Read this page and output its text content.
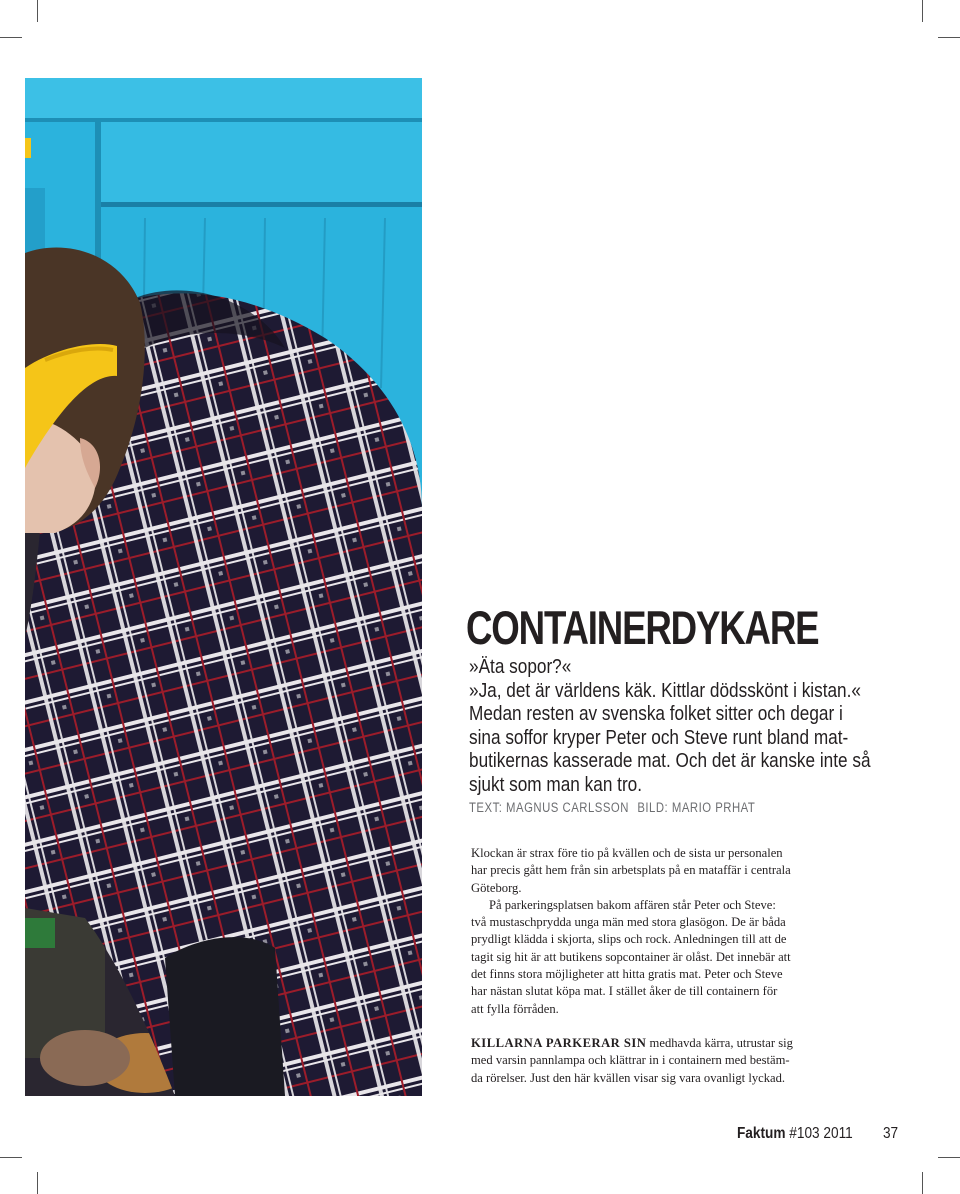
CONTAINERDYKARE

»Äta sopor?«

»Ja, det är världens käk. Kittlar dödsskönt i kistan.«

Medan resten av svenska folket sitter och degar i

sina soffor kryper Peter och Steve runt bland mat-

butikernas kasserade mat. Och det är kanske inte så

sjukt som man kan tro.

TEXT: MAGNUS CARLSSON BILD: MARIO PRHAT

Klockan är strax före tio på kvällen och de sista ur personalen

har precis gått hem från sin arbetsplats på en mataffär i centrala

Göteborg.

På parkeringsplatsen bakom affären står Peter och Steve:

två mustaschprydda unga män med stora glasögon. De är båda

prydligt klädda i skjorta, slips och rock. Anledningen till att de

tagit sig hit är att butikens sopcontainer är olåst. Det innebär att

det finns stora möjligheter att hitta gratis mat. Peter och Steve

har nästan slutat köpa mat. I stället åker de till containern för

att fylla förråden.

KILLARNA PARKERAR SIN medhavda kärra, utrustar sig

med varsin pannlampa och klättrar in i containern med bestäm-

da rörelser. Just den här kvällen visar sig vara ovanligt lyckad.

Faktum #103 2011 37
